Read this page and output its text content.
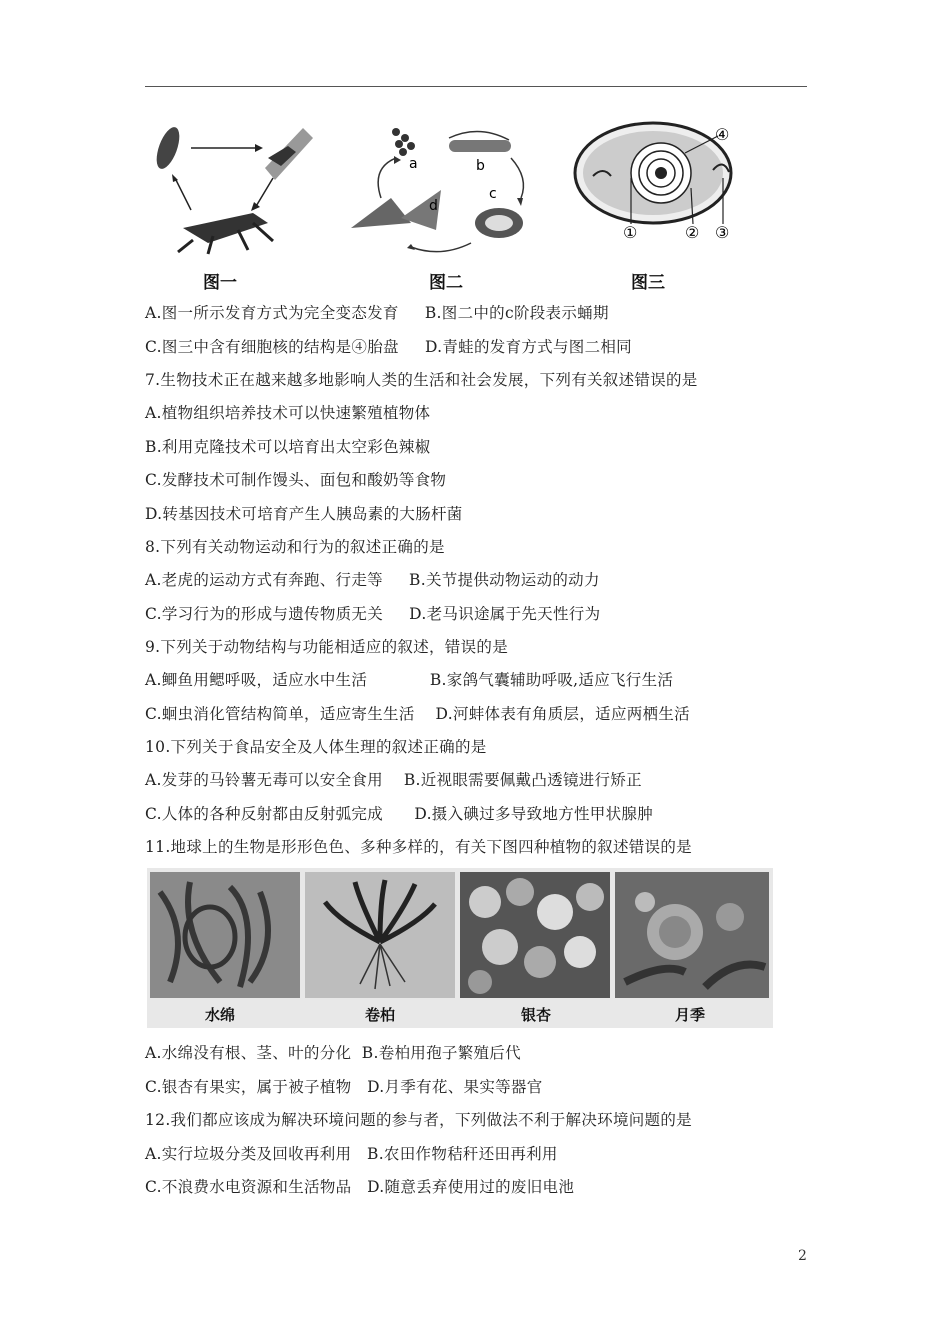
图一
a	b
c
d
图二
④
①	② ③
图三
A.图一所示发育方式为完全变态发育     B.图二中的c阶段表示蛹期
C.图三中含有细胞核的结构是④胎盘     D.青蛙的发育方式与图二相同
7.生物技术正在越来越多地影响人类的生活和社会发展，下列有关叙述错误的是
A.植物组织培养技术可以快速繁殖植物体
B.利用克隆技术可以培育出太空彩色辣椒
C.发酵技术可制作馒头、面包和酸奶等食物
D.转基因技术可培育产生人胰岛素的大肠杆菌
8.下列有关动物运动和行为的叙述正确的是
A.老虎的运动方式有奔跑、行走等     B.关节提供动物运动的动力
C.学习行为的形成与遗传物质无关     D.老马识途属于先天性行为
9.下列关于动物结构与功能相适应的叙述，错误的是
A.鲫鱼用鳃呼吸，适应水中生活            B.家鸽气囊辅助呼吸,适应飞行生活
C.蛔虫消化管结构简单，适应寄生生活    D.河蚌体表有角质层，适应两栖生活
10.下列关于食品安全及人体生理的叙述正确的是
A.发芽的马铃薯无毒可以安全食用    B.近视眼需要佩戴凸透镜进行矫正
C.人体的各种反射都由反射弧完成      D.摄入碘过多导致地方性甲状腺肿
11.地球上的生物是形形色色、多种多样的，有关下图四种植物的叙述错误的是
水绵	卷柏	银杏	月季
A.水绵没有根、茎、叶的分化  B.卷柏用孢子繁殖后代
C.银杏有果实，属于被子植物   D.月季有花、果实等器官
12.我们都应该成为解决环境问题的参与者，下列做法不利于解决环境问题的是
A.实行垃圾分类及回收再利用   B.农田作物秸秆还田再利用
C.不浪费水电资源和生活物品   D.随意丢弃使用过的废旧电池
2
